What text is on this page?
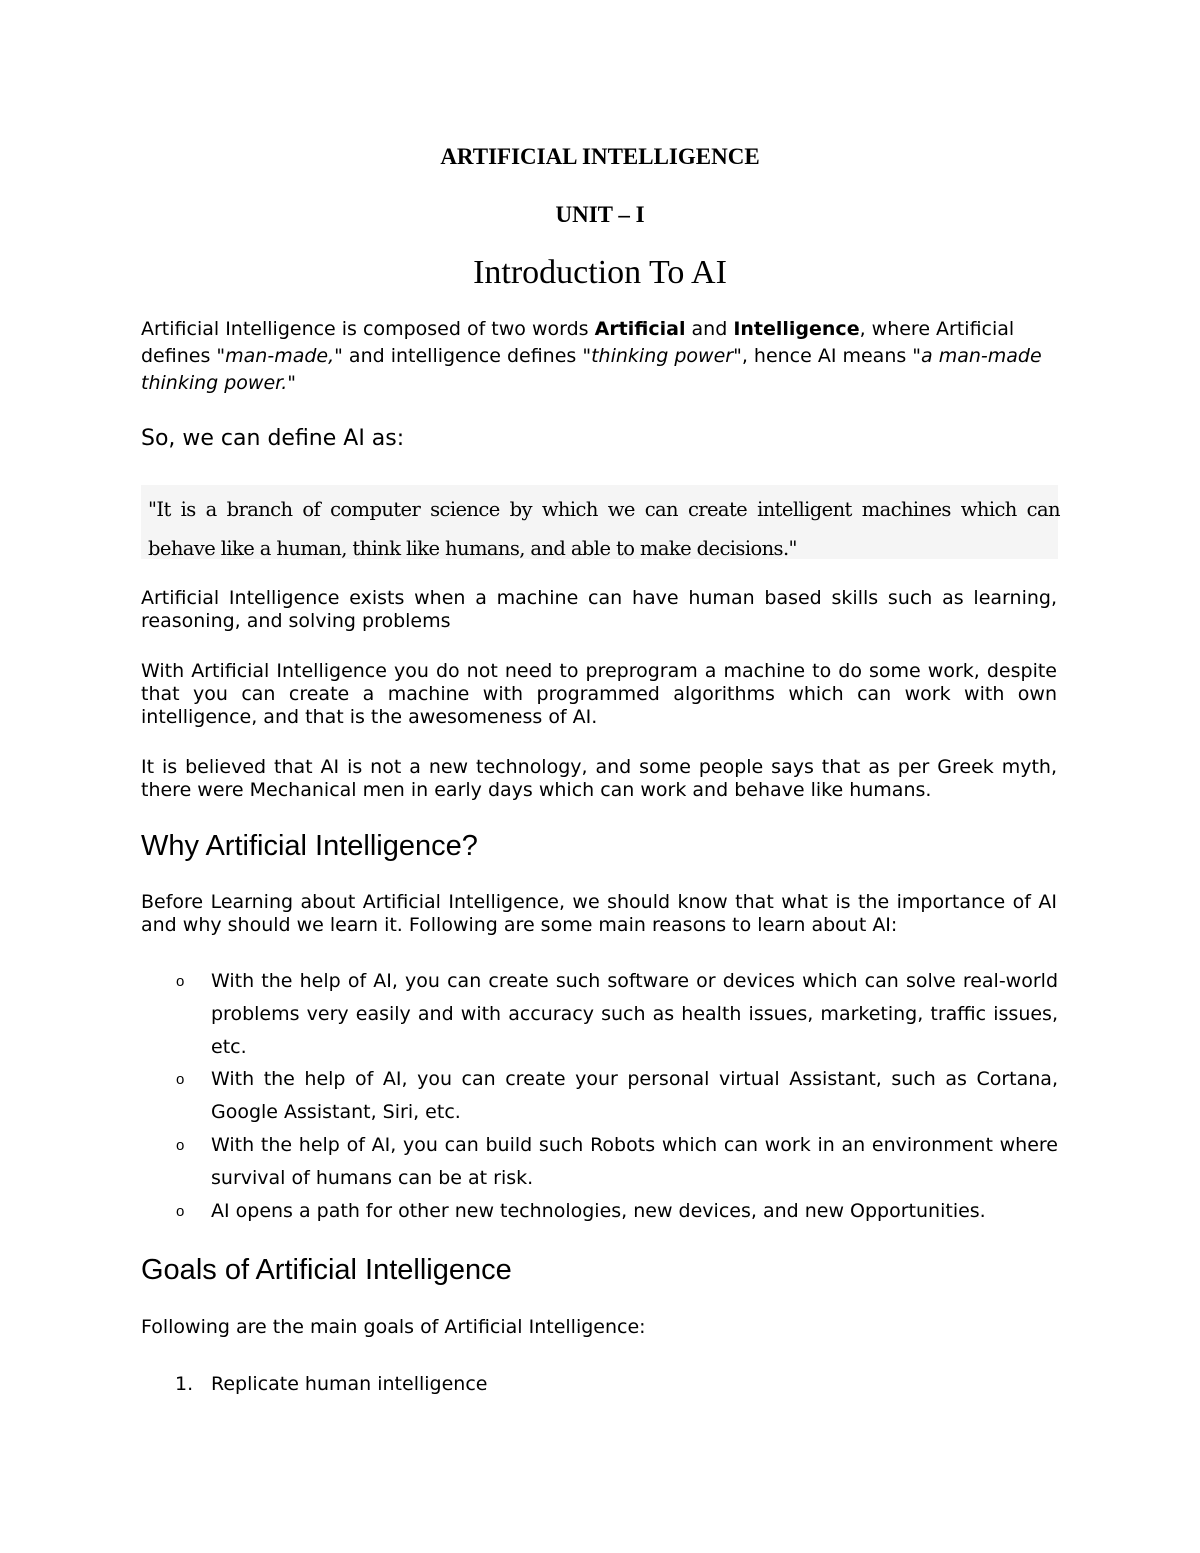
ARTIFICIAL INTELLIGENCE

UNIT – I

Introduction To AI

Artificial Intelligence is composed of two words Artificial and Intelligence, where Artificial defines "man-made," and intelligence defines "thinking power", hence AI means "a man-made thinking power."

So, we can define AI as:

"It is a branch of computer science by which we can create intelligent machines which can behave like a human, think like humans, and able to make decisions."

Artificial Intelligence exists when a machine can have human based skills such as learning, reasoning, and solving problems

With Artificial Intelligence you do not need to preprogram a machine to do some work, despite that you can create a machine with programmed algorithms which can work with own intelligence, and that is the awesomeness of AI.

It is believed that AI is not a new technology, and some people says that as per Greek myth, there were Mechanical men in early days which can work and behave like humans.

Why Artificial Intelligence?

Before Learning about Artificial Intelligence, we should know that what is the importance of AI and why should we learn it. Following are some main reasons to learn about AI:

o With the help of AI, you can create such software or devices which can solve real-world problems very easily and with accuracy such as health issues, marketing, traffic issues, etc.
o With the help of AI, you can create your personal virtual Assistant, such as Cortana, Google Assistant, Siri, etc.
o With the help of AI, you can build such Robots which can work in an environment where survival of humans can be at risk.
o AI opens a path for other new technologies, new devices, and new Opportunities.

Goals of Artificial Intelligence

Following are the main goals of Artificial Intelligence:

1. Replicate human intelligence
